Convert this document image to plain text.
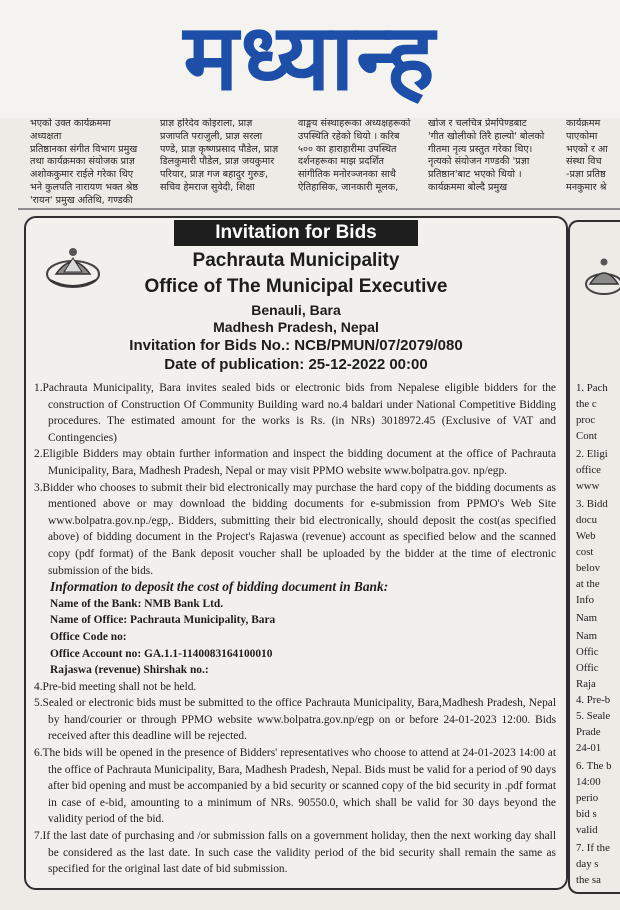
मध्यान्ह

भएको उक्त कार्यक्रममा अध्यक्षता

प्रतिष्ठानका संगीत विभाग प्रमुख

तथा कार्यक्रमका संयोजक प्राज्ञ

अशोककुमार राईले गरेका थिए

भने कुलपति नारायण भक्त श्रेष्ठ

'रायन' प्रमुख अतिथि, गण्डकी

प्राज्ञ हरिदेव कोइराला, प्राज्ञ

प्रजापति पराजुली, प्राज्ञ सरला

पण्डे, प्राज्ञ कृष्णप्रसाद पौडेल, प्राज्ञ

डिलकुमारी पौडेल, प्राज्ञ जयकुमार

परियार, प्राज्ञ गज बहादुर गुरुङ,

सचिव हेमराज सुवेदी, शिक्षा

वाङ्मय संस्थाहरूका अध्यक्षहरूको

उपस्थिति रहेको थियो । करिब

५०० का हाराहारीमा उपस्थित

दर्शनहरूका माझ प्रदर्शित

सांगीतिक मनोरञ्जनका साथै

ऐतिहासिक, जानकारी मूलक,

खोज र चलचित्र प्रेमपिण्डबाट

'गीत खोलीको तिरै हाल्यो' बोलको

गीतमा नृत्य प्रस्तुत गरेका थिए।

नृत्यको संयोजन गण्डकी 'प्रज्ञा

प्रतिष्ठान'बाट भएको थियो ।

कार्यक्रममा बोल्दै प्रमुख

कार्यक्रमम

पाएकोमा

भएको र आ

संस्था विच

-प्रज्ञा प्रतिष्ठ

मनकुमार श्रे

Invitation for Bids
Pachrauta Municipality
Office of The Municipal Executive
Benauli, Bara
Madhesh Pradesh, Nepal
Invitation for Bids No.: NCB/PMUN/07/2079/080
Date of publication: 25-12-2022 00:00

1.Pachrauta Municipality, Bara invites sealed bids or electronic bids from Nepalese eligible bidders for the construction of Construction Of Community Building ward no.4 baldari under National Competitive Bidding procedures. The estimated amount for the works is Rs. (in NRs) 3018972.45 (Exclusive of VAT and Contingencies)

2.Eligible Bidders may obtain further information and inspect the bidding document at the office of Pachrauta Municipality, Bara, Madhesh Pradesh, Nepal or may visit PPMO website www.bolpatra.gov. np/egp.

3.Bidder who chooses to submit their bid electronically may purchase the hard copy of the bidding documents as mentioned above or may download the bidding documents for e-submission from PPMO's Web Site www.bolpatra.gov.np./egp,. Bidders, submitting their bid electronically, should deposit the cost(as specified above) of bidding document in the Project's Rajaswa (revenue) account as specified below and the scanned copy (pdf format) of the Bank deposit voucher shall be uploaded by the bidder at the time of electronic submission of the bids.

Information to deposit the cost of bidding document in Bank:

Name of the Bank: NMB Bank Ltd.

Name of Office: Pachrauta Municipality, Bara

Office Code no:

Office Account no: GA.1.1-1140083164100010

Rajaswa (revenue) Shirshak no.:

4.Pre-bid meeting shall not be held.

5.Sealed or electronic bids must be submitted to the office Pachrauta Municipality, Bara,Madhesh Pradesh, Nepal by hand/courier or through PPMO website www.bolpatra.gov.np/egp on or before 24-01-2023 12:00. Bids received after this deadline will be rejected.

6.The bids will be opened in the presence of Bidders' representatives who choose to attend at 24-01-2023 14:00 at the office of Pachrauta Municipality, Bara, Madhesh Pradesh, Nepal. Bids must be valid for a period of 90 days after bid opening and must be accompanied by a bid security or scanned copy of the bid security in .pdf format in case of e-bid, amounting to a minimum of NRs. 90550.0, which shall be valid for 30 days beyond the validity period of the bid.

7.If the last date of purchasing and /or submission falls on a government holiday, then the next working day shall be considered as the last date. In such case the validity period of the bid security shall remain the same as specified for the original last date of bid submission.

1. Pach
the c
proc
Cont
2. Eligi
office
www
3. Bidd
docu
Web
cost
belov
at the
Info
Nam
Nam
Offic
Offic
Raja
4. Pre-b
5. Seale
Prade
24-01
6. The b
14:00
perio
bid s
valid
7. If the
day s
the sa
